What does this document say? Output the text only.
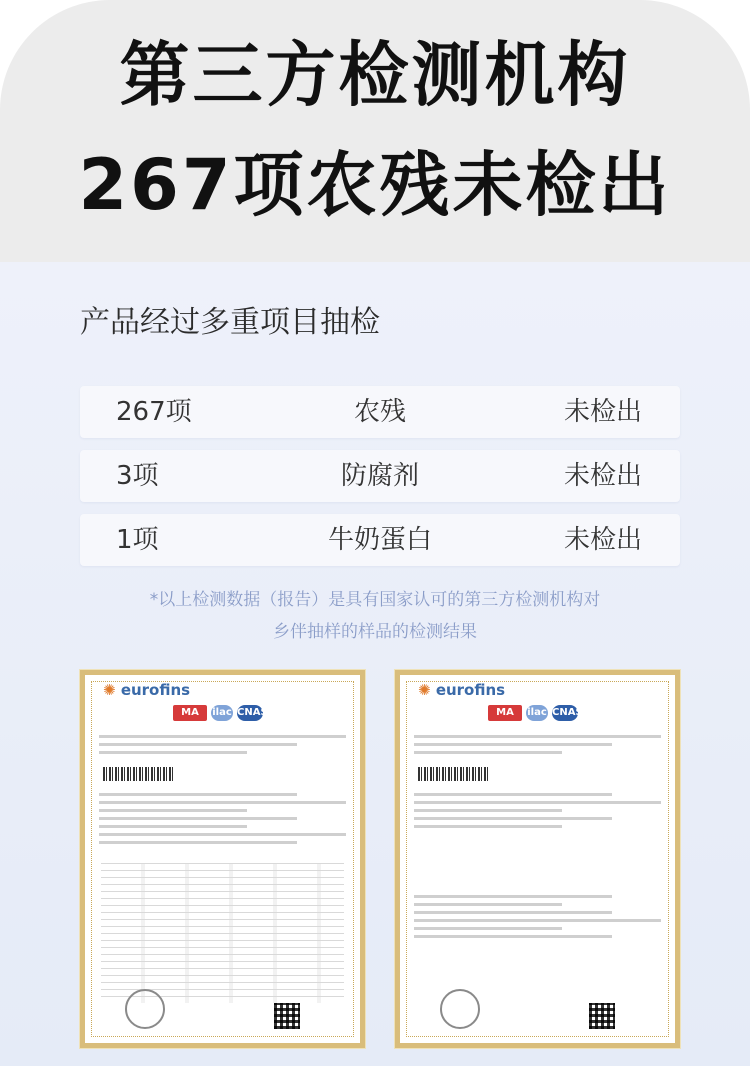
第三方检测机构
267项农残未检出
产品经过多重项目抽检
267项	农残	未检出
3项	防腐剂	未检出
1项	牛奶蛋白	未检出
*以上检测数据（报告）是具有国家认可的第三方检测机构对
乡伴抽样的样品的检测结果
✺ eurofins
MA	ilac CNAS
✺ eurofins
MA	ilac CNAS
